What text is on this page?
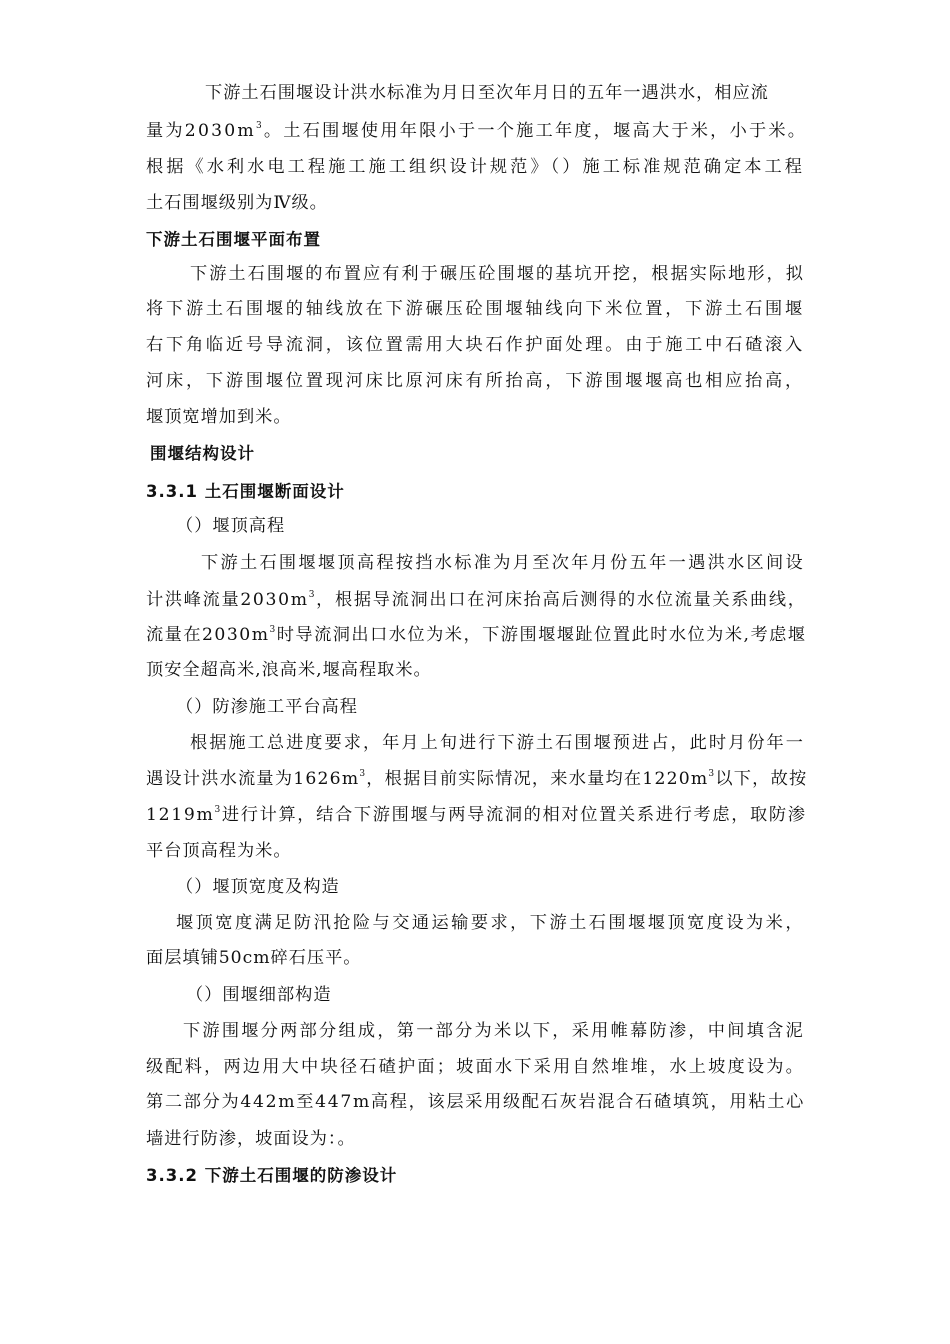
下游土石围堰设计洪水标准为月日至次年月日的五年一遇洪水，相应流
量为$2030m^3$。土石围堰使用年限小于一个施工年度，堰高大于米，小于米。
根据《水利水电工程施工施工组织设计规范》（）施工标准规范确定本工程
土石围堰级别为Ⅳ级。
下游土石围堰平面布置
下游土石围堰的布置应有利于碾压砼围堰的基坑开挖，根据实际地形，拟
将下游土石围堰的轴线放在下游碾压砼围堰轴线向下米位置，下游土石围堰
右下角临近号导流洞，该位置需用大块石作护面处理。由于施工中石碴滚入
河床，下游围堰位置现河床比原河床有所抬高，下游围堰堰高也相应抬高，
堰顶宽增加到米。
围堰结构设计
3.3.1 土石围堰断面设计
（）堰顶高程
下游土石围堰堰顶高程按挡水标准为月至次年月份五年一遇洪水区间设
计洪峰流量$2030m^3$，根据导流洞出口在河床抬高后测得的水位流量关系曲线，
流量在$2030m^3$时导流洞出口水位为米，下游围堰堰趾位置此时水位为米,考虑堰
顶安全超高米,浪高米,堰高程取米。
（）防渗施工平台高程
根据施工总进度要求，年月上旬进行下游土石围堰预进占，此时月份年一
遇设计洪水流量为$1626m^3$，根据目前实际情况，来水量均在$1220m^3$以下，故按
$1219m^3$进行计算，结合下游围堰与两导流洞的相对位置关系进行考虑，取防渗
平台顶高程为米。
（）堰顶宽度及构造
堰顶宽度满足防汛抢险与交通运输要求，下游土石围堰堰顶宽度设为米，
面层填铺50cm碎石压平。
（）围堰细部构造
下游围堰分两部分组成，第一部分为米以下，采用帷幕防渗，中间填含泥
级配料，两边用大中块径石碴护面；坡面水下采用自然堆堆，水上坡度设为。
第二部分为442m至447m高程，该层采用级配石灰岩混合石碴填筑，用粘土心
墙进行防渗，坡面设为：。
3.3.2 下游土石围堰的防渗设计
